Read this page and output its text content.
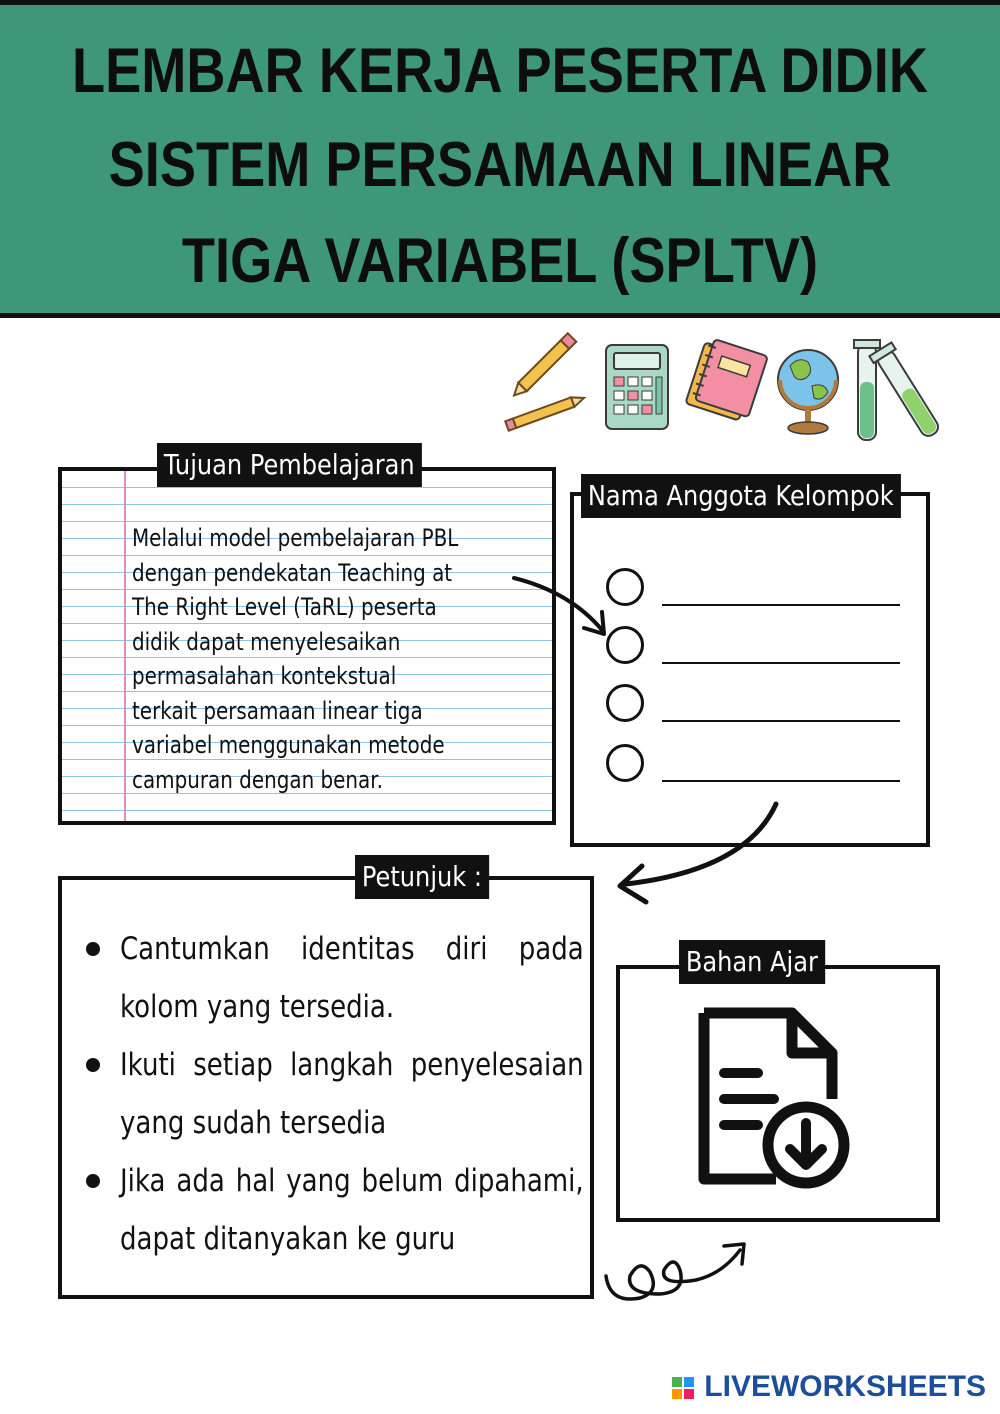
LEMBAR KERJA PESERTA DIDIK
SISTEM PERSAMAAN LINEAR
TIGA VARIABEL (SPLTV)
Melalui model pembelajaran PBL
dengan pendekatan Teaching at
The Right Level (TaRL) peserta
didik dapat menyelesaikan
permasalahan kontekstual
terkait persamaan linear tiga
variabel menggunakan metode
campuran dengan benar.
Tujuan Pembelajaran
Nama Anggota Kelompok
Cantumkan identitas diri pada kolom yang tersedia.
Ikuti setiap langkah penyelesaian yang sudah tersedia
Jika ada hal yang belum dipahami, dapat ditanyakan ke guru
Petunjuk :
Bahan Ajar
LIVEWORKSHEETS
